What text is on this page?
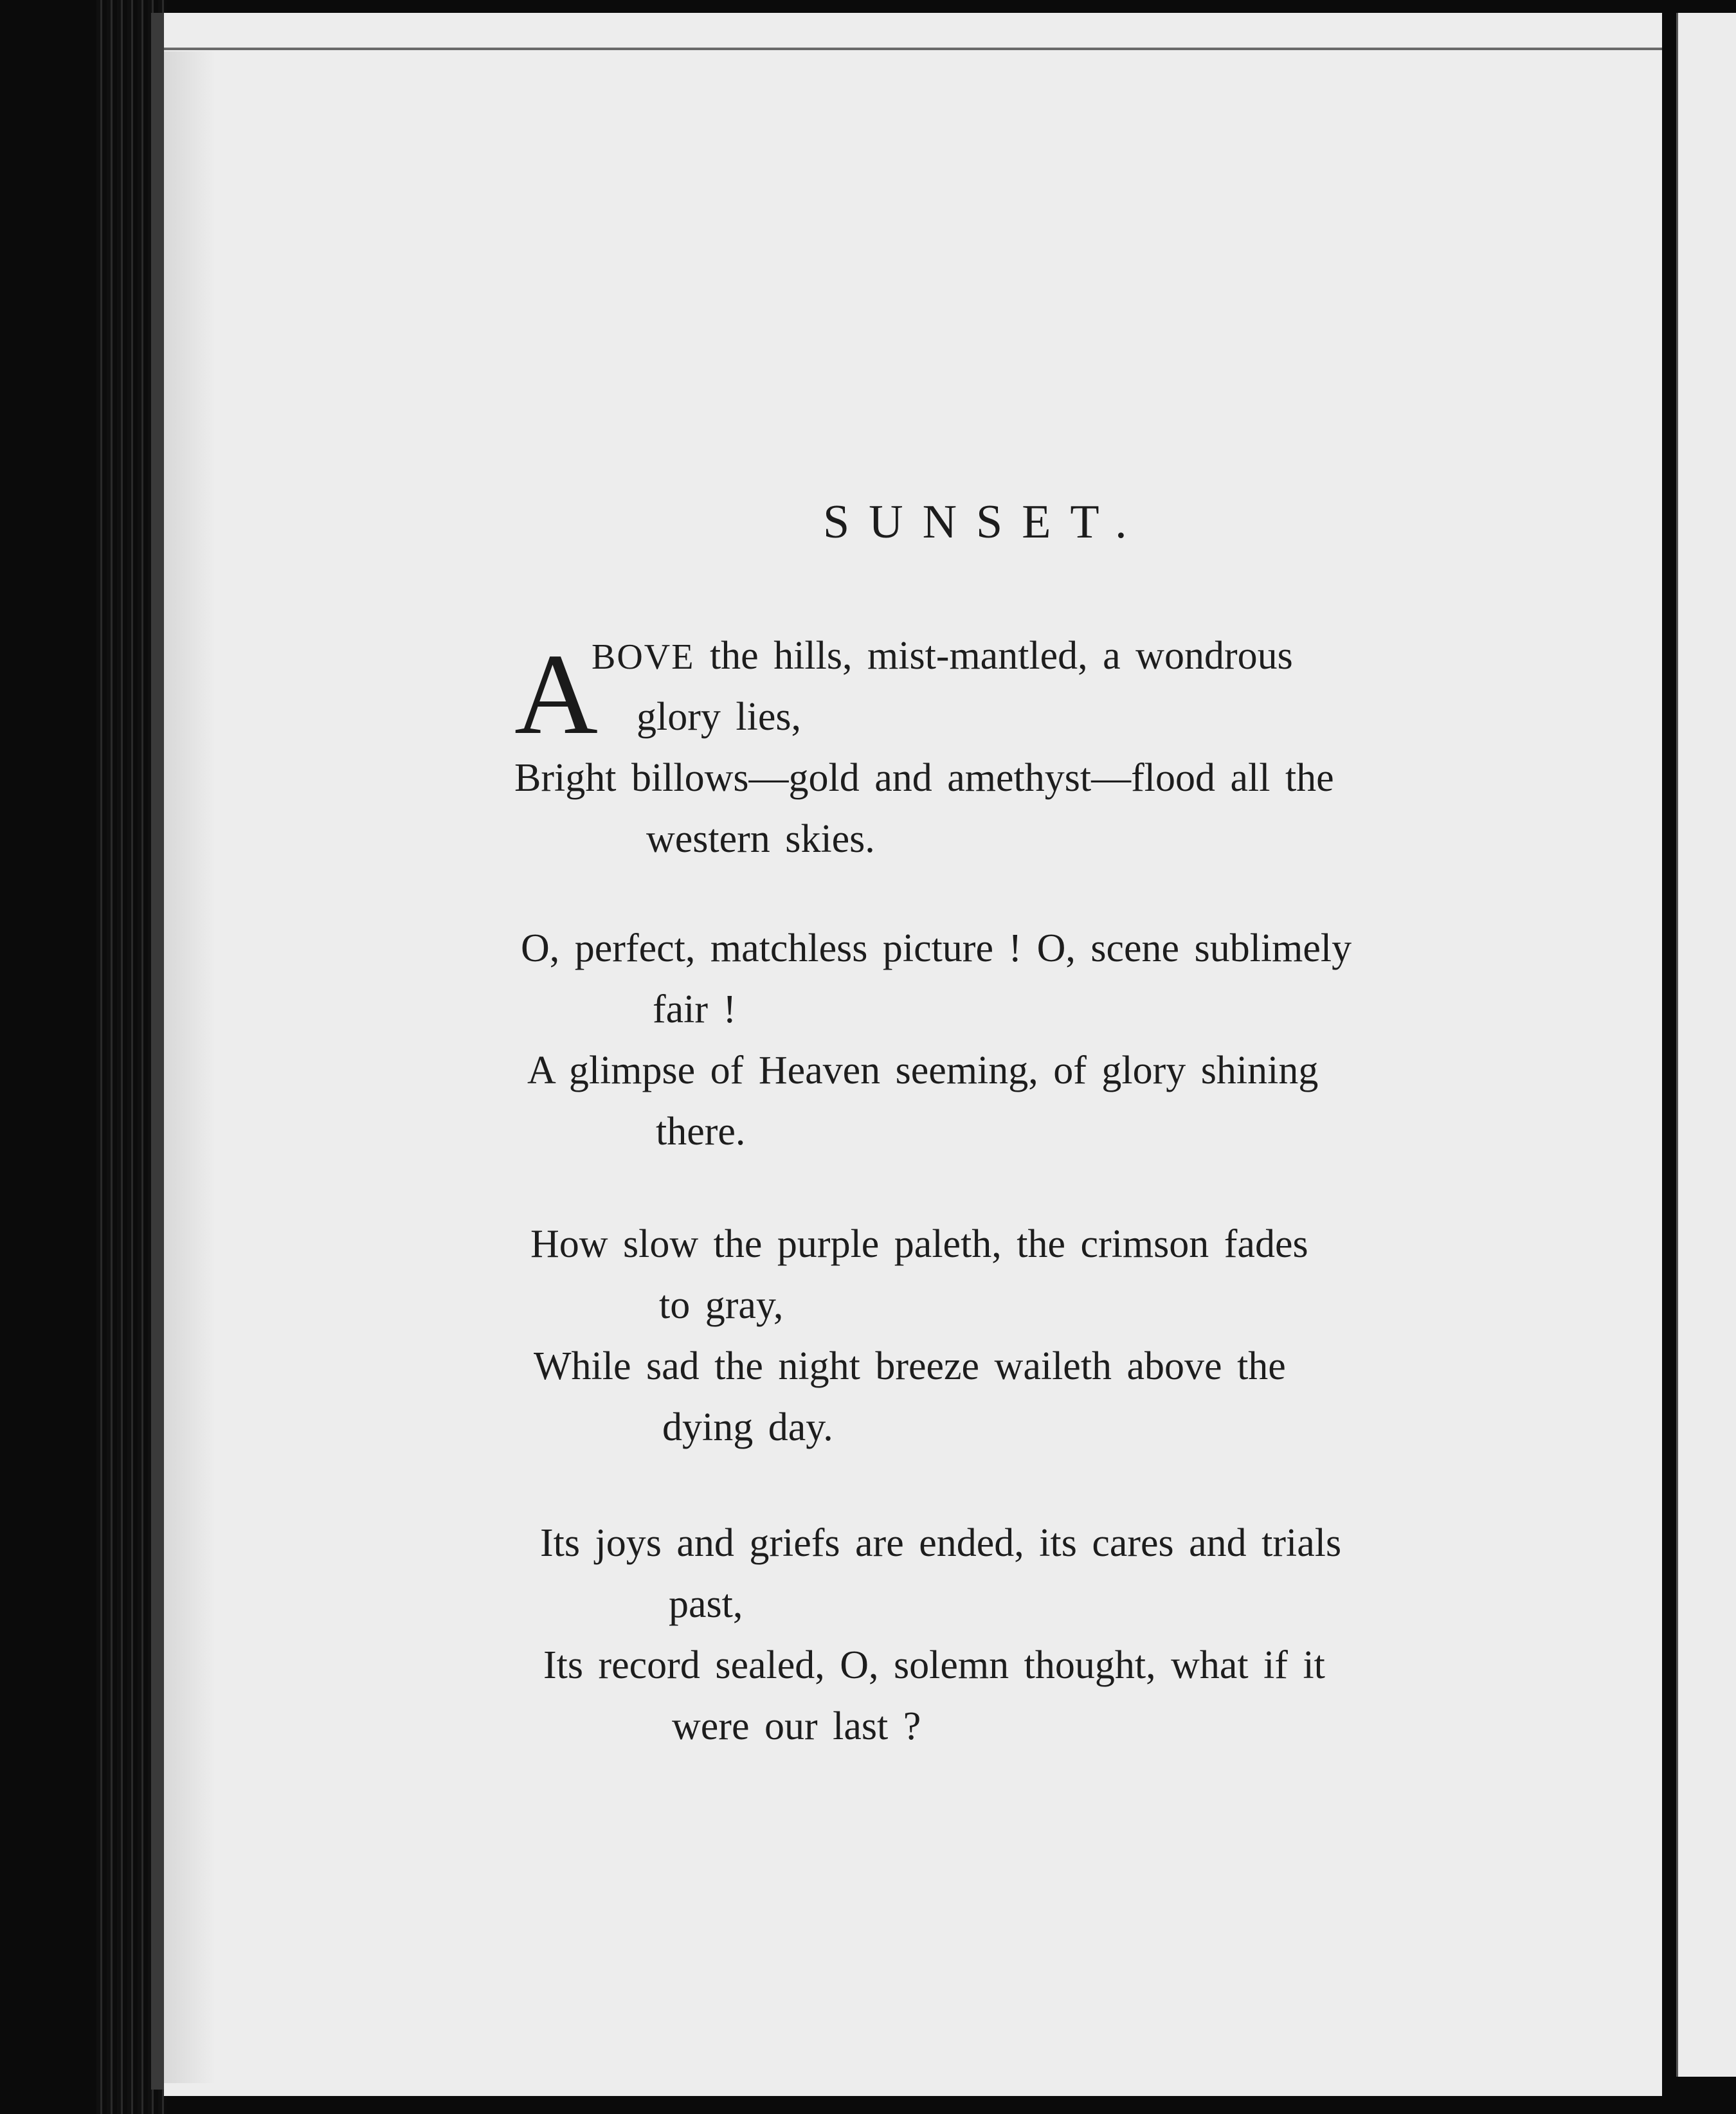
SUNSET.
A
BOVE the hills, mist-mantled, a wondrous
glory lies,
Bright billows—gold and amethyst—flood all the
western skies.
O, perfect, matchless picture ! O, scene sublimely
fair !
A glimpse of Heaven seeming, of glory shining
there.
How slow the purple paleth, the crimson fades
to gray,
While sad the night breeze waileth above the
dying day.
Its joys and griefs are ended, its cares and trials
past,
Its record sealed, O, solemn thought, what if it
were our last ?
